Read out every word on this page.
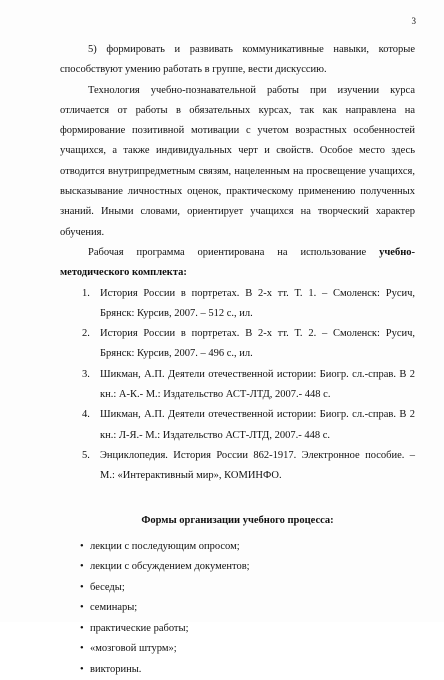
3

5) формировать и развивать коммуникативные навыки, которые способствуют умению работать в группе, вести дискуссию.

Технология учебно-познавательной работы при изучении курса отличается от работы в обязательных курсах, так как направлена на формирование позитивной мотивации с учетом возрастных особенностей учащихся, а также индивидуальных черт и свойств. Особое место здесь отводится внутрипредметным связям, нацеленным на просвещение учащихся, высказывание личностных оценок, практическому применению полученных знаний. Иными словами, ориентирует учащихся на творческий характер обучения.

Рабочая программа ориентирована на использование учебно-методического комплекта:

1. История России в портретах. В 2-х тт. Т. 1. – Смоленск: Русич, Брянск: Курсив, 2007. – 512 с., ил.
2. История России в портретах. В 2-х тт. Т. 2. – Смоленск: Русич, Брянск: Курсив, 2007. – 496 с., ил.
3. Шикман, А.П. Деятели отечественной истории: Биогр. сл.-справ. В 2 кн.: А-К.- М.: Издательство АСТ-ЛТД, 2007.- 448 с.
4. Шикман, А.П. Деятели отечественной истории: Биогр. сл.-справ. В 2 кн.: Л-Я.- М.: Издательство АСТ-ЛТД, 2007.- 448 с.
5. Энциклопедия. История России 862-1917. Электронное пособие. – М.: «Интерактивный мир», КОМИНФО.
Формы организации учебного процесса:
• лекции с последующим опросом;
• лекции с обсуждением документов;
• беседы;
• семинары;
• практические работы;
• «мозговой штурм»;
• викторины.
